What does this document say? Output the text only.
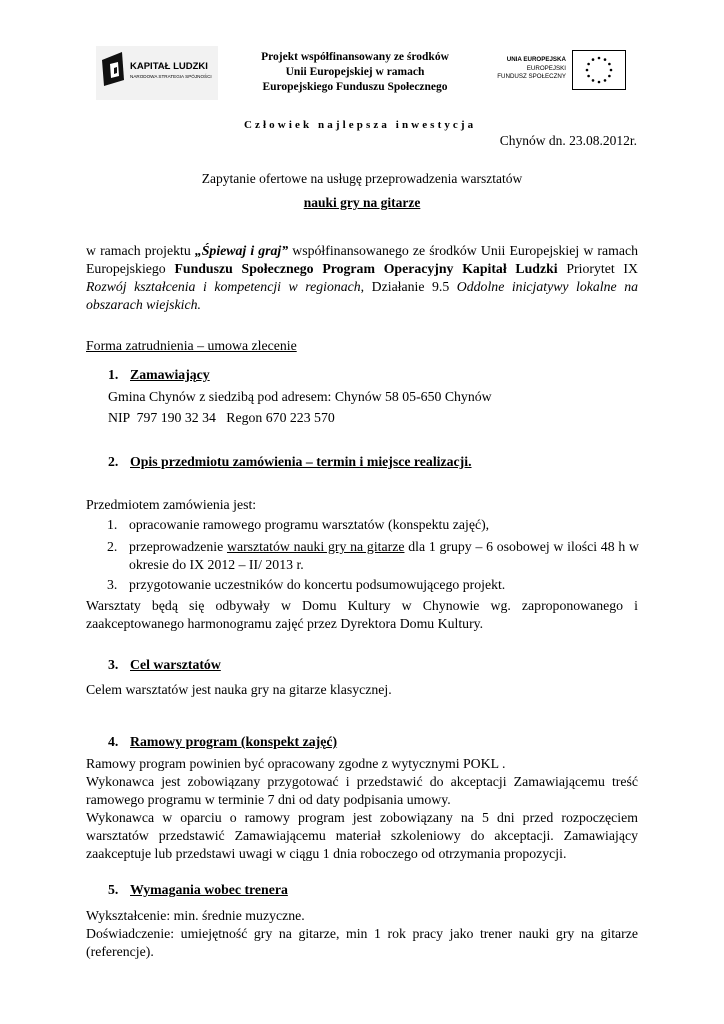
KAPITAŁ LUDZKI
NARODOWA STRATEGIA SPÓJNOŚCI
Projekt współfinansowany ze środków
Unii Europejskiej w ramach
Europejskiego Funduszu Społecznego
UNIA EUROPEJSKA
EUROPEJSKI
FUNDUSZ SPOŁECZNY
Człowiek najlepsza inwestycja
Chynów dn. 23.08.2012r.
Zapytanie ofertowe na usługę przeprowadzenia warsztatów
nauki gry na gitarze
w ramach projektu „Śpiewaj i graj” współfinansowanego ze środków Unii Europejskiej w ramach Europejskiego Funduszu Społecznego Program Operacyjny Kapitał Ludzki Priorytet IX Rozwój kształcenia i kompetencji w regionach, Działanie 9.5 Oddolne inicjatywy lokalne na obszarach wiejskich.
Forma zatrudnienia – umowa zlecenie
1. Zamawiający
Gmina Chynów z siedzibą pod adresem: Chynów 58 05-650 Chynów
NIP  797 190 32 34   Regon 670 223 570
2. Opis przedmiotu zamówienia – termin i miejsce realizacji.
Przedmiotem zamówienia jest:
1. opracowanie ramowego programu warsztatów (konspektu zajęć),
2. przeprowadzenie warsztatów nauki gry na gitarze dla 1 grupy – 6 osobowej w ilości 48 h w okresie do IX 2012 – II/ 2013 r.
3. przygotowanie uczestników do koncertu podsumowującego projekt.
Warsztaty będą się odbywały w Domu Kultury w Chynowie wg. zaproponowanego i zaakceptowanego harmonogramu zajęć przez Dyrektora Domu Kultury.
3. Cel warsztatów
Celem warsztatów jest nauka gry na gitarze klasycznej.
4. Ramowy program (konspekt zajęć)
Ramowy program powinien być opracowany zgodne z wytycznymi POKL .
Wykonawca jest zobowiązany przygotować i przedstawić do akceptacji Zamawiającemu treść ramowego programu w terminie 7 dni od daty podpisania umowy.
Wykonawca w oparciu o ramowy program jest zobowiązany na 5 dni przed rozpoczęciem warsztatów przedstawić Zamawiającemu materiał szkoleniowy do akceptacji. Zamawiający zaakceptuje lub przedstawi uwagi w ciągu 1 dnia roboczego od otrzymania propozycji.
5. Wymagania wobec trenera
Wykształcenie: min. średnie muzyczne.
Doświadczenie: umiejętność gry na gitarze, min 1 rok pracy jako trener nauki gry na gitarze (referencje).
